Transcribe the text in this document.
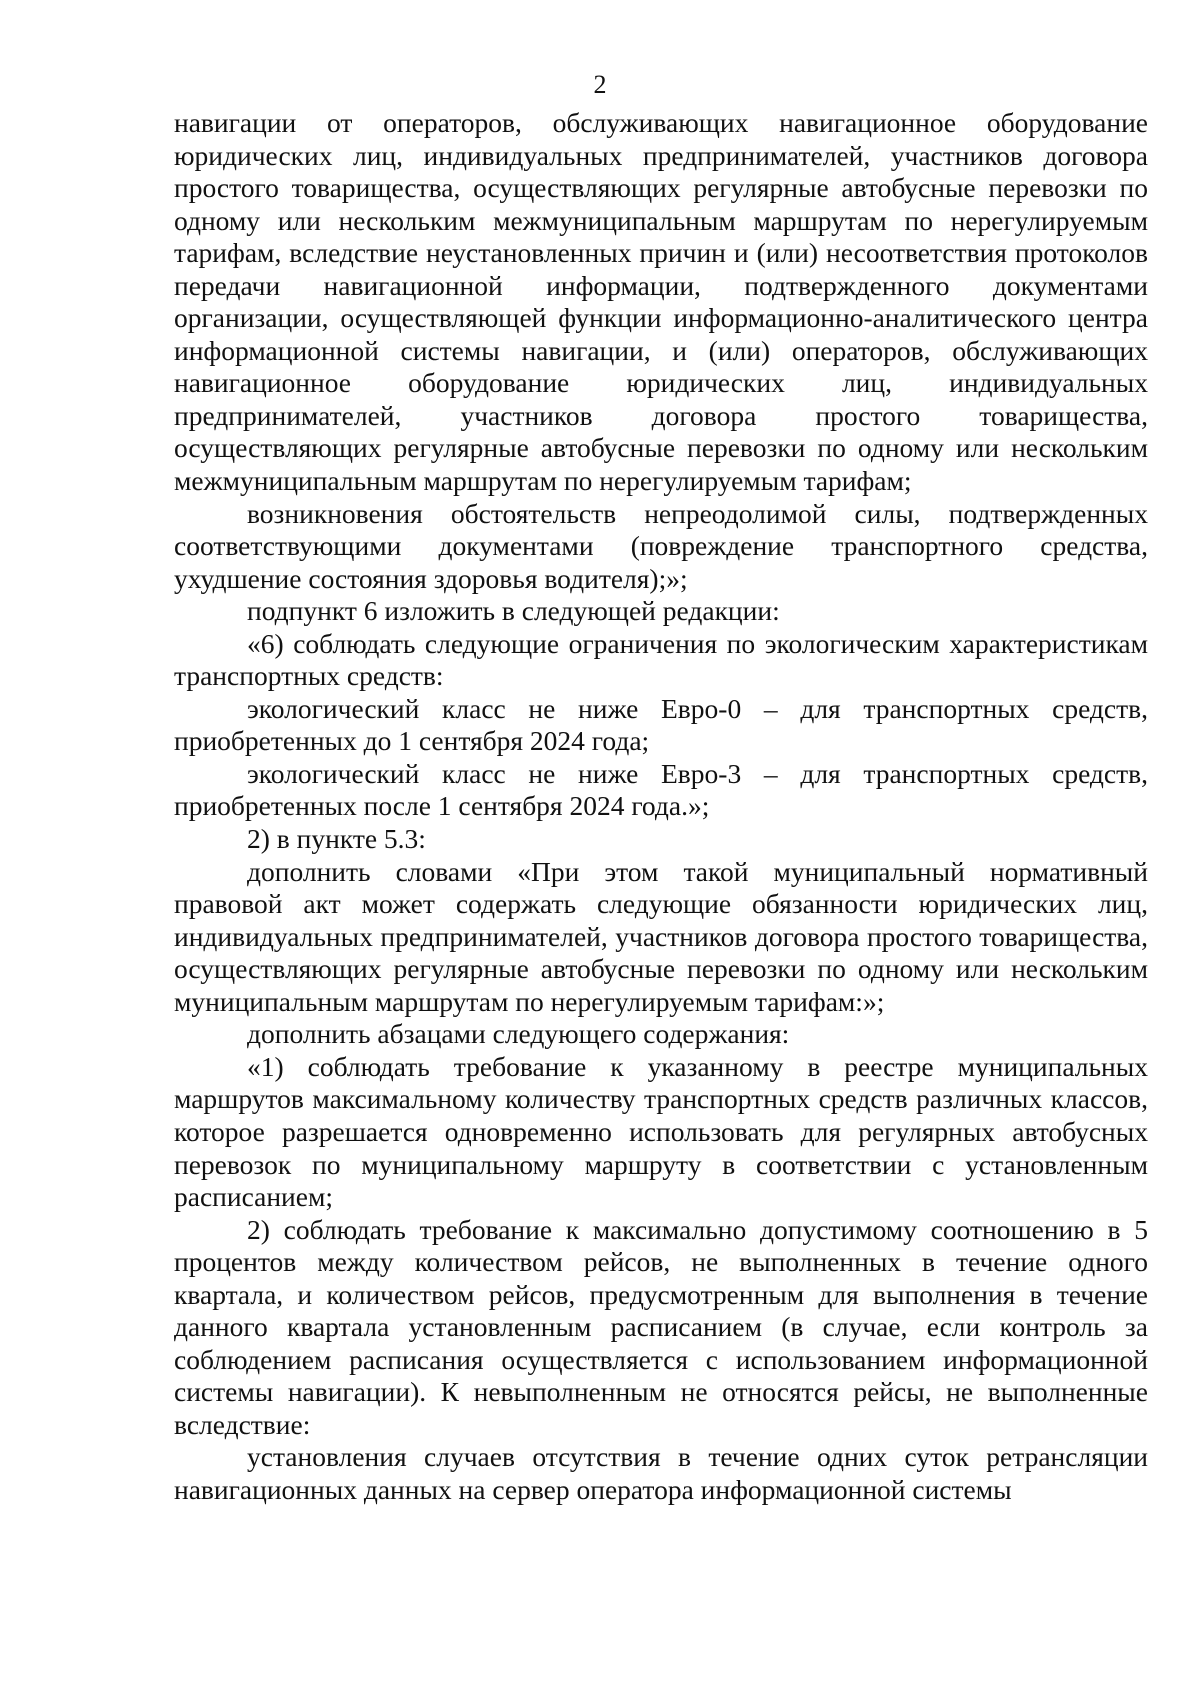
2

навигации от операторов, обслуживающих навигационное оборудование юридических лиц, индивидуальных предпринимателей, участников договора простого товарищества, осуществляющих регулярные автобусные перевозки по одному или нескольким межмуниципальным маршрутам по нерегулируемым тарифам, вследствие неустановленных причин и (или) несоответствия протоколов передачи навигационной информации, подтвержденного документами организации, осуществляющей функции информационно-аналитического центра информационной системы навигации, и (или) операторов, обслуживающих навигационное оборудование юридических лиц, индивидуальных предпринимателей, участников договора простого товарищества, осуществляющих регулярные автобусные перевозки по одному или нескольким межмуниципальным маршрутам по нерегулируемым тарифам;

возникновения обстоятельств непреодолимой силы, подтвержденных соответствующими документами (повреждение транспортного средства, ухудшение состояния здоровья водителя);»;

подпункт 6 изложить в следующей редакции:

«6) соблюдать следующие ограничения по экологическим характеристикам транспортных средств:

экологический класс не ниже Евро-0 – для транспортных средств, приобретенных до 1 сентября 2024 года;

экологический класс не ниже Евро-3 – для транспортных средств, приобретенных после 1 сентября 2024 года.»;

2) в пункте 5.3:

дополнить словами «При этом такой муниципальный нормативный правовой акт может содержать следующие обязанности юридических лиц, индивидуальных предпринимателей, участников договора простого товарищества, осуществляющих регулярные автобусные перевозки по одному или нескольким муниципальным маршрутам по нерегулируемым тарифам:»;

дополнить абзацами следующего содержания:

«1) соблюдать требование к указанному в реестре муниципальных маршрутов максимальному количеству транспортных средств различных классов, которое разрешается одновременно использовать для регулярных автобусных перевозок по муниципальному маршруту в соответствии с установленным расписанием;

2) соблюдать требование к максимально допустимому соотношению в 5 процентов между количеством рейсов, не выполненных в течение одного квартала, и количеством рейсов, предусмотренным для выполнения в течение данного квартала установленным расписанием (в случае, если контроль за соблюдением расписания осуществляется с использованием информационной системы навигации). К невыполненным не относятся рейсы, не выполненные вследствие:

установления случаев отсутствия в течение одних суток ретрансляции навигационных данных на сервер оператора информационной системы
